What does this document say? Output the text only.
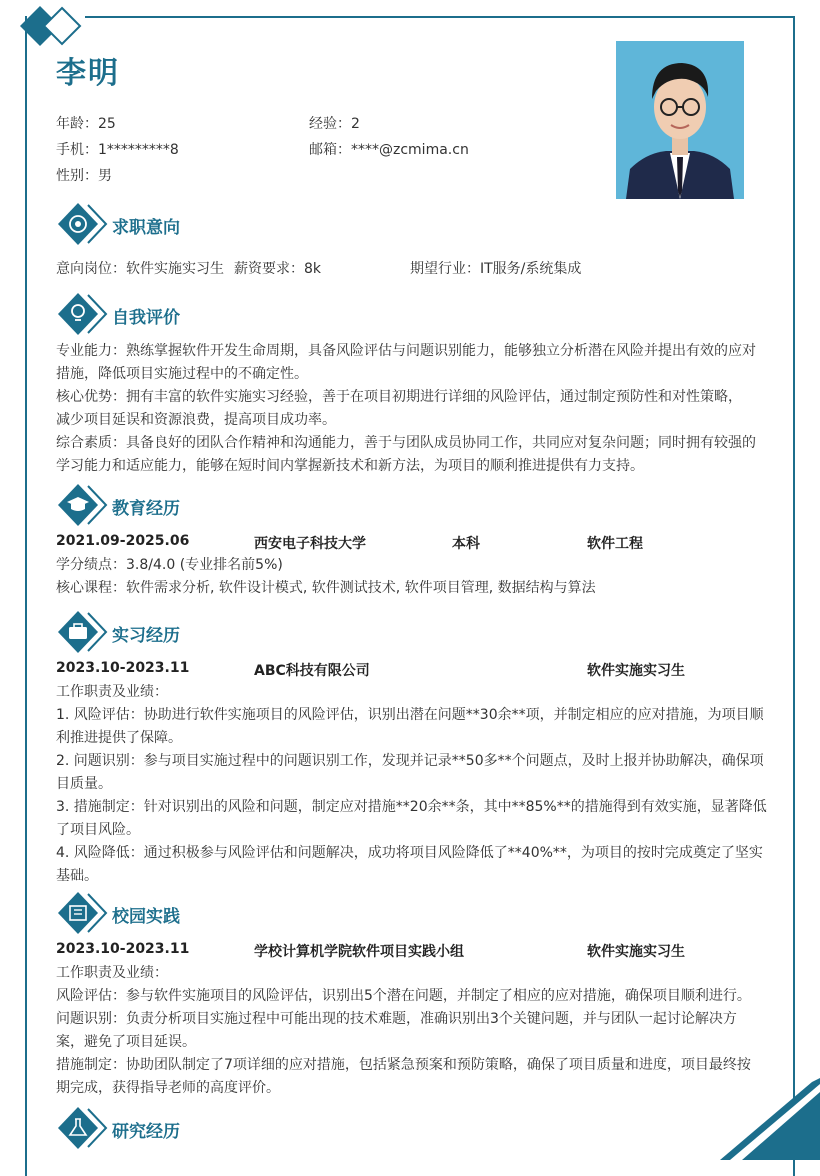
李明
年龄：25	经验：2
手机：1*********8	邮箱：****@zcmima.cn
性别：男
求职意向
意向岗位：软件实施实习生 薪资要求：8k	期望行业：IT服务/系统集成
自我评价
专业能力：熟练掌握软件开发生命周期，具备风险评估与问题识别能力，能够独立分析潜在风险并提出有效的应对
措施，降低项目实施过程中的不确定性。
核心优势：拥有丰富的软件实施实习经验，善于在项目初期进行详细的风险评估，通过制定预防性和对性策略，
减少项目延误和资源浪费，提高项目成功率。
综合素质：具备良好的团队合作精神和沟通能力，善于与团队成员协同工作，共同应对复杂问题；同时拥有较强的
学习能力和适应能力，能够在短时间内掌握新技术和新方法，为项目的顺利推进提供有力支持。
教育经历
2021.09-2025.06	西安电子科技大学	本科	软件工程
学分绩点：3.8/4.0 (专业排名前5%)
核心课程：软件需求分析, 软件设计模式, 软件测试技术, 软件项目管理, 数据结构与算法
实习经历
2023.10-2023.11	ABC科技有限公司	软件实施实习生
工作职责及业绩：
1. 风险评估：协助进行软件实施项目的风险评估，识别出潜在问题**30余**项，并制定相应的应对措施，为项目顺
利推进提供了保障。
2. 问题识别：参与项目实施过程中的问题识别工作，发现并记录**50多**个问题点，及时上报并协助解决，确保项
目质量。
3. 措施制定：针对识别出的风险和问题，制定应对措施**20余**条，其中**85%**的措施得到有效实施，显著降低
了项目风险。
4. 风险降低：通过积极参与风险评估和问题解决，成功将项目风险降低了**40%**，为项目的按时完成奠定了坚实
基础。
校园实践
2023.10-2023.11	学校计算机学院软件项目实践小组	软件实施实习生
工作职责及业绩：
风险评估：参与软件实施项目的风险评估，识别出5个潜在问题，并制定了相应的应对措施，确保项目顺利进行。
问题识别：负责分析项目实施过程中可能出现的技术难题，准确识别出3个关键问题，并与团队一起讨论解决方
案，避免了项目延误。
措施制定：协助团队制定了7项详细的应对措施，包括紧急预案和预防策略，确保了项目质量和进度，项目最终按
期完成，获得指导老师的高度评价。
研究经历
